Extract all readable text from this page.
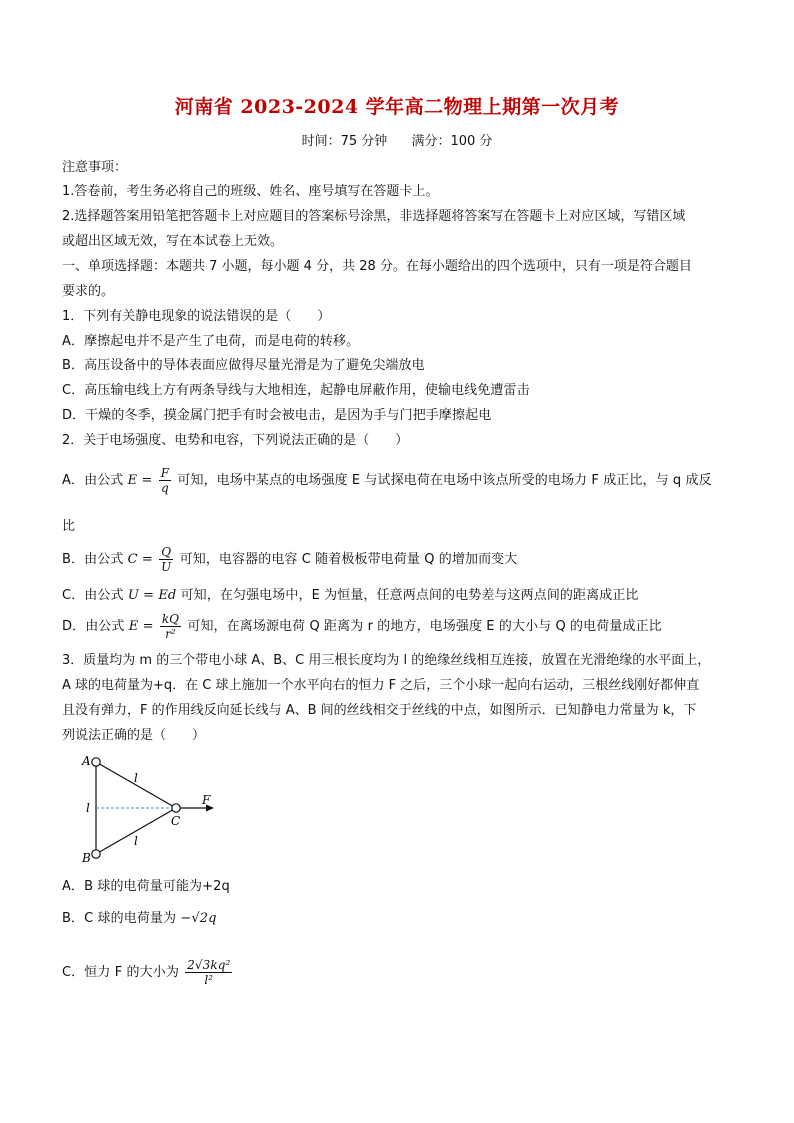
河南省 2023-2024 学年高二物理上期第一次月考
时间：75 分钟 满分：100 分
注意事项：
1.答卷前，考生务必将自己的班级、姓名、座号填写在答题卡上。
2.选择题答案用铅笔把答题卡上对应题目的答案标号涂黑，非选择题将答案写在答题卡上对应区域，写错区域
或超出区域无效，写在本试卷上无效。
一、单项选择题：本题共 7 小题，每小题 4 分，共 28 分。在每小题给出的四个选项中，只有一项是符合题目
要求的。
1．下列有关静电现象的说法错误的是（　　）
A．摩擦起电并不是产生了电荷，而是电荷的转移。
B．高压设备中的导体表面应做得尽量光滑是为了避免尖端放电
C．高压输电线上方有两条导线与大地相连，起静电屏蔽作用，使输电线免遭雷击
D．干燥的冬季，摸金属门把手有时会被电击，是因为手与门把手摩擦起电
2．关于电场强度、电势和电容，下列说法正确的是（　　）
A．由公式 $E = \frac{F}{q}$ 可知，电场中某点的电场强度 E 与试探电荷在电场中该点所受的电场力 F 成正比，与 q 成反
比
B．由公式 $C = \frac{Q}{U}$ 可知，电容器的电容 C 随着极板带电荷量 Q 的增加而变大
C．由公式 U = Ed 可知，在匀强电场中，E 为恒量，任意两点间的电势差与这两点间的距离成正比
D．由公式 $E = \frac{kQ}{\text{r²}}$ 可知，在离场源电荷 Q 距离为 r 的地方，电场强度 E 的大小与 Q 的电荷量成正比
3．质量均为 m 的三个带电小球 A、B、C 用三根长度均为 l 的绝缘丝线相互连接，放置在光滑绝缘的水平面上，
A 球的电荷量为+q．在 C 球上施加一个水平向右的恒力 F 之后，三个小球一起向右运动，三根丝线刚好都伸直
且没有弹力，F 的作用线反向延长线与 A、B 间的丝线相交于丝线的中点，如图所示．已知静电力常量为 k，下
列说法正确的是（　　）
A
B
C
F
l
l
l
A．B 球的电荷量可能为+2q
B．C 球的电荷量为 −√2q
C．恒力 F 的大小为 $\frac{\text{2√3kq²}}{\text{l²}}$
